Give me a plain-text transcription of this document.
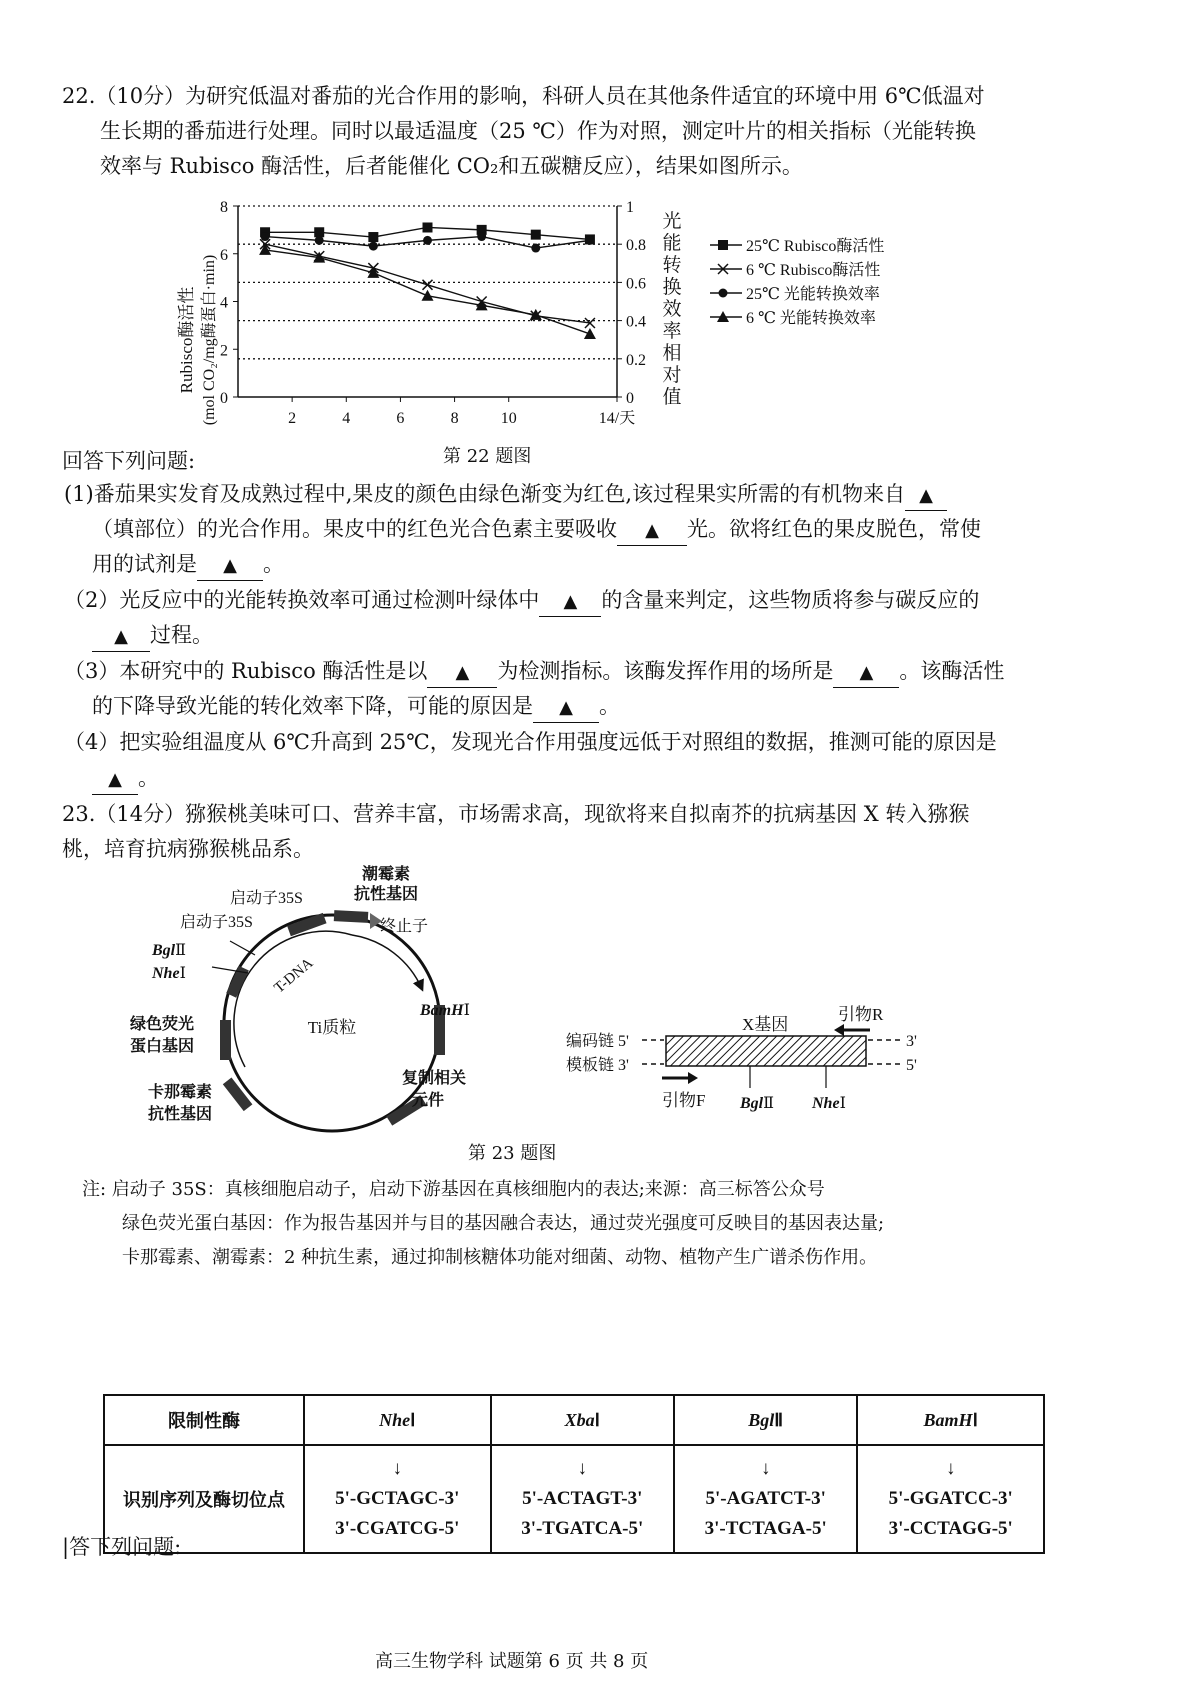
22.（10分）为研究低温对番茄的光合作用的影响，科研人员在其他条件适宜的环境中用 6℃低温对
生长期的番茄进行处理。同时以最适温度（25 ℃）作为对照，测定叶片的相关指标（光能转换
效率与 Rubisco 酶活性，后者能催化 CO₂和五碳糖反应），结果如图所示。
0
2
4
6
8
0
0.2
0.4
0.6
0.8
1
2	4	6	8	10	14/天
25℃ Rubisco酶活性
6 ℃ Rubisco酶活性
25℃ 光能转换效率
6 ℃ 光能转换效率
Rubisco酶活性 (mol CO₂/mg酶蛋白·min)
光能转换效率相对值
第 22 题图
回答下列问题:
(1)番茄果实发育及成熟过程中,果皮的颜色由绿色渐变为红色,该过程果实所需的有机物来自 ▲
（填部位）的光合作用。果皮中的红色光合色素主要吸收 ▲ 光。欲将红色的果皮脱色，常使
用的试剂是 ▲ 。
（2）光反应中的光能转换效率可通过检测叶绿体中 ▲ 的含量来判定，这些物质将参与碳反应的
▲ 过程。
（3）本研究中的 Rubisco 酶活性是以 ▲ 为检测指标。该酶发挥作用的场所是 ▲ 。该酶活性
的下降导致光能的转化效率下降，可能的原因是 ▲ 。
（4）把实验组温度从 6℃升高到 25℃，发现光合作用强度远低于对照组的数据，推测可能的原因是
▲ 。
23.（14分）猕猴桃美味可口、营养丰富，市场需求高，现欲将来自拟南芥的抗病基因 X 转入猕猴
桃，培育抗病猕猴桃品系。
Ti质粒
T-DNA
启动子35S
潮霉素
抗性基因
终止子
启动子35S
BglⅡ
NheⅠ
BamHⅠ
绿色荧光
蛋白基因
卡那霉素
抗性基因
复制相关
元件
X基因
引物R
编码链 5'
模板链 3'
3'
5'
引物F BglⅡ NheⅠ
第 23 题图
注: 启动子 35S：真核细胞启动子，启动下游基因在真核细胞内的表达;来源：高三标答公众号
绿色荧光蛋白基因：作为报告基因并与目的基因融合表达，通过荧光强度可反映目的基因表达量;
卡那霉素、潮霉素：2 种抗生素，通过抑制核糖体功能对细菌、动物、植物产生广谱杀伤作用。
限制性酶	NheⅠ	XbaⅠ	BglⅡ	BamHⅠ
识别序列及酶切位点	↓
5'-GCTAGC-3'
3'-CGATCG-5'	↓
5'-ACTAGT-3'
3'-TGATCA-5'	↓
5'-AGATCT-3'
3'-TCTAGA-5'	↓
5'-GGATCC-3'
3'-CCTAGG-5'
|答下列问题:
高三生物学科 试题第 6 页 共 8 页
